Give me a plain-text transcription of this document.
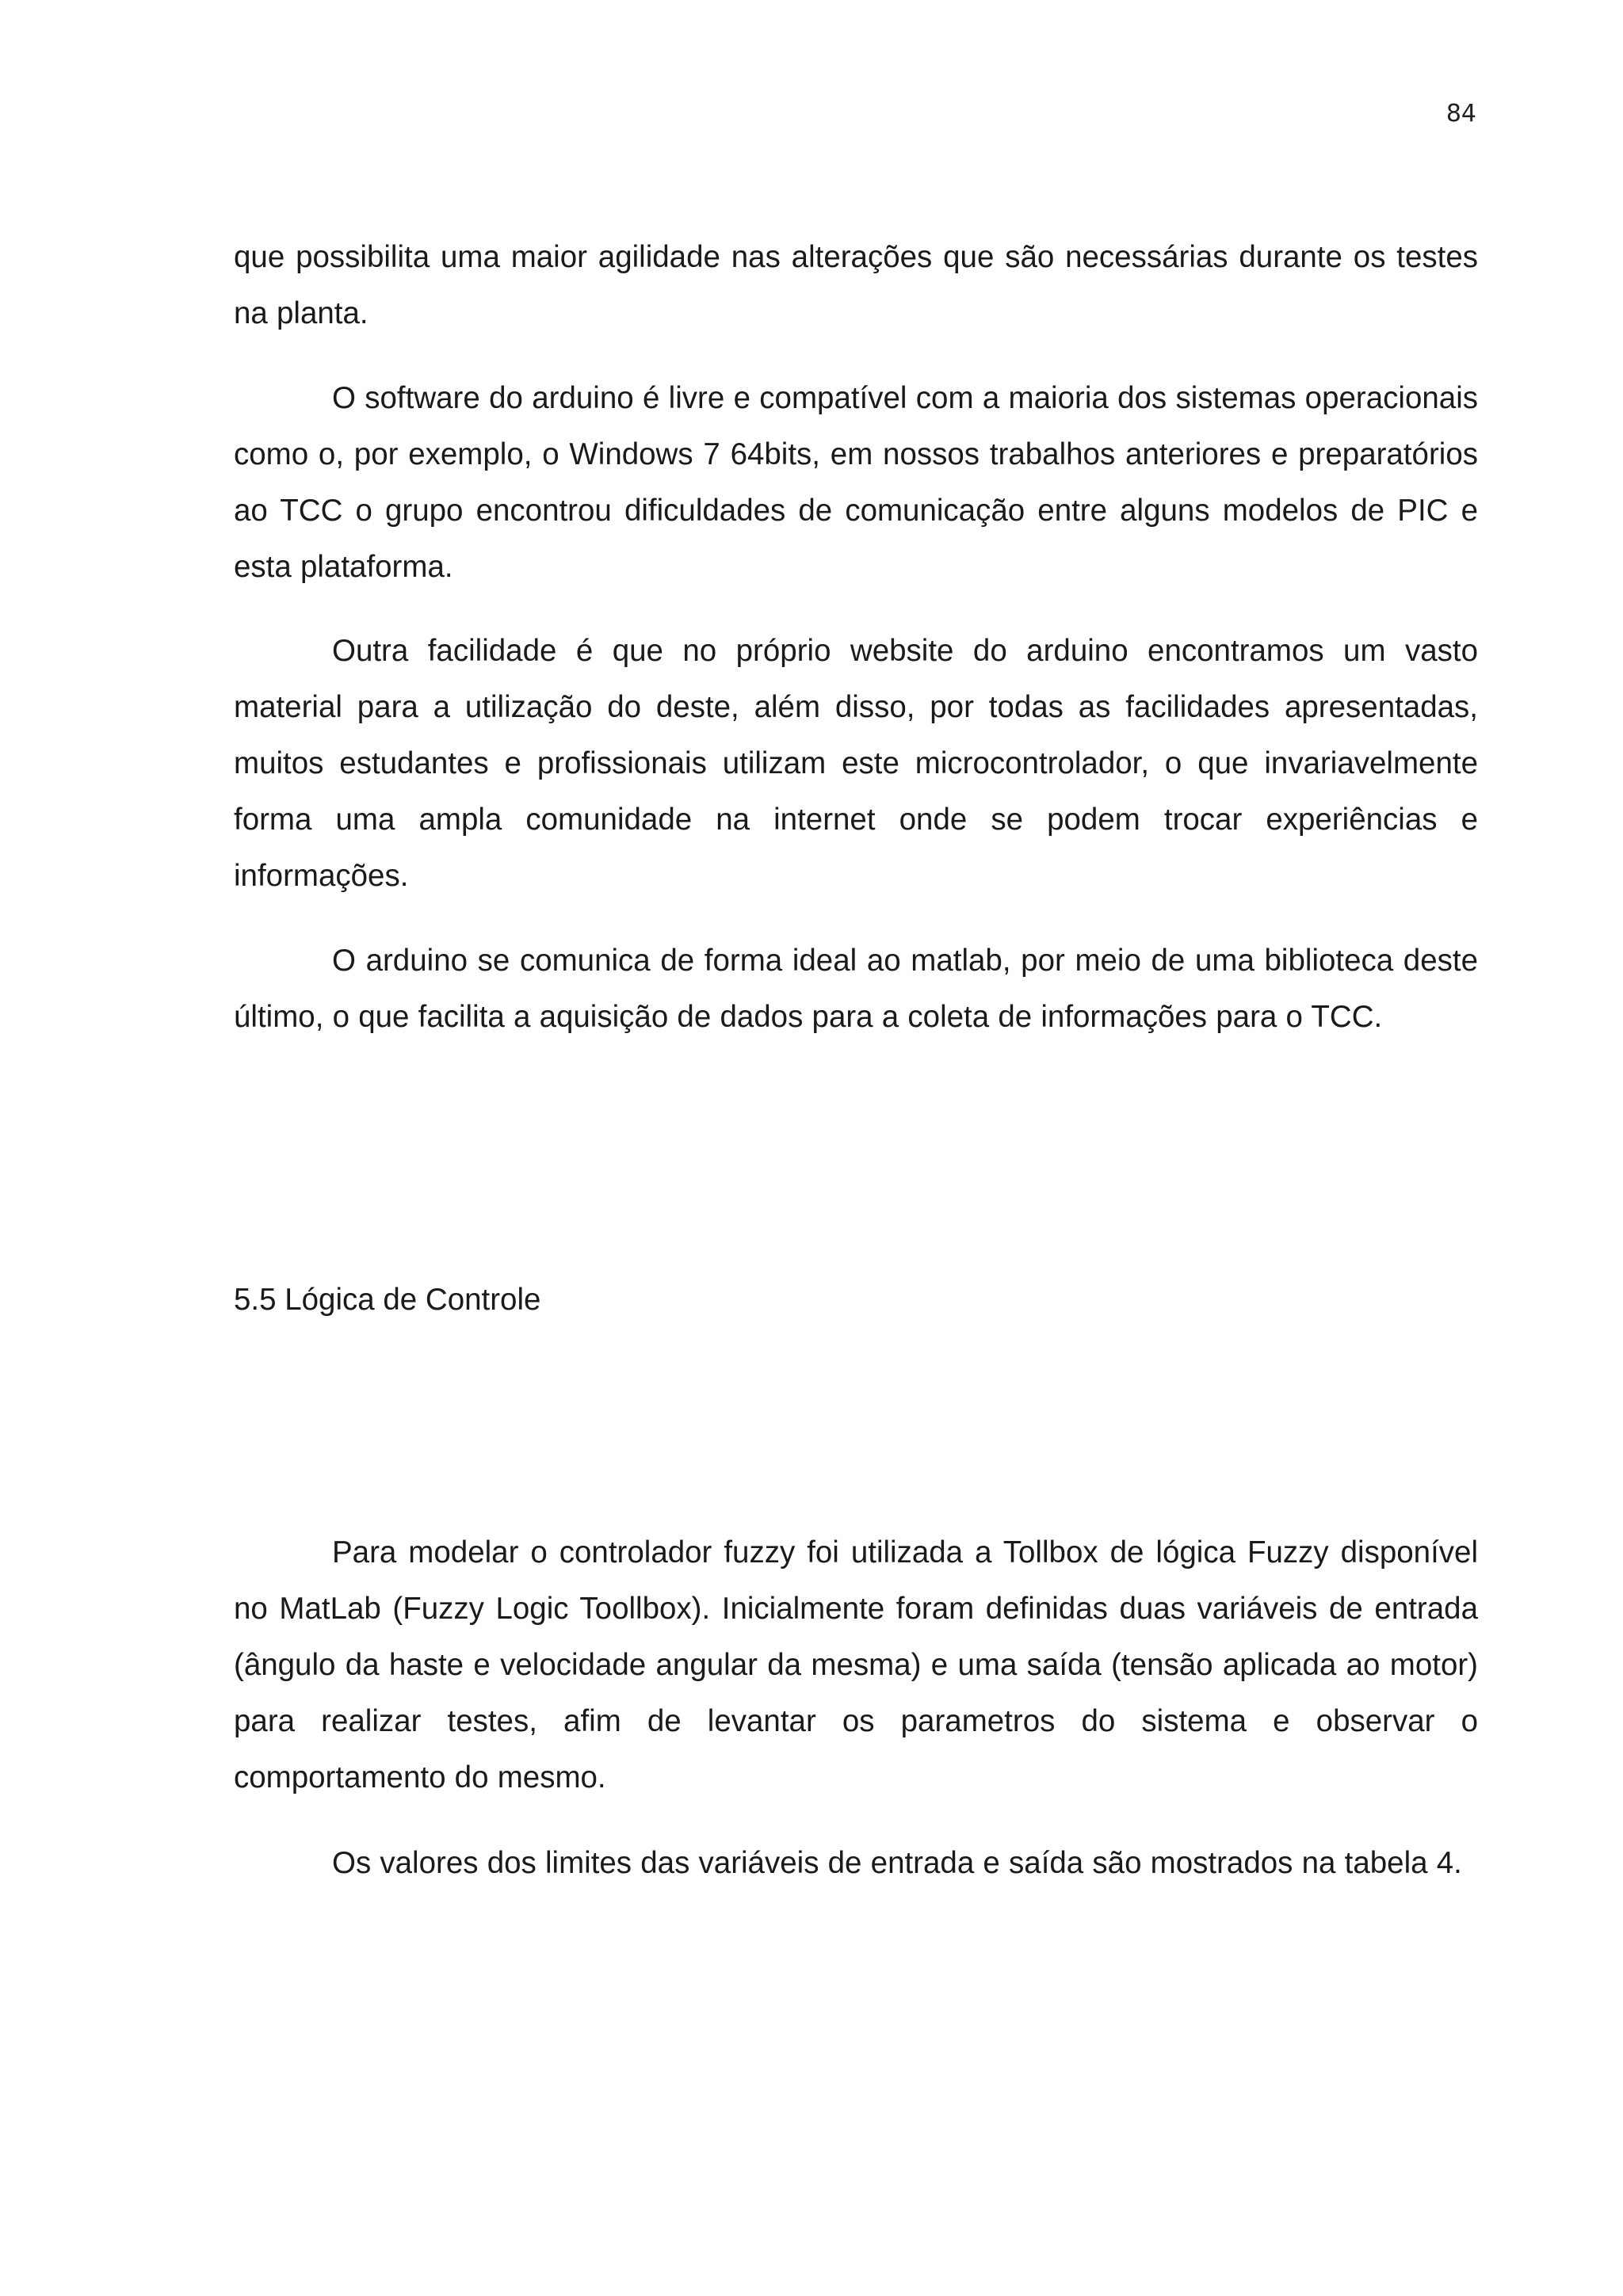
84

que possibilita uma maior agilidade nas alterações que são necessárias durante os testes na planta.

O software do arduino é livre e compatível com a maioria dos sistemas operacionais como o, por exemplo, o Windows 7 64bits, em nossos trabalhos anteriores e preparatórios ao TCC o grupo encontrou dificuldades de comunicação entre alguns modelos de PIC e esta plataforma.

Outra facilidade é que no próprio website do arduino encontramos um vasto material para a utilização do deste, além disso, por todas as facilidades apresentadas, muitos estudantes e profissionais utilizam este microcontrolador, o que invariavelmente forma uma ampla comunidade na internet onde se podem trocar experiências e informações.

O arduino se comunica de forma ideal ao matlab, por meio de uma biblioteca deste último, o que facilita a aquisição de dados para a coleta de informações para o TCC.

5.5 Lógica de Controle

Para modelar o controlador fuzzy foi utilizada a Tollbox de lógica Fuzzy disponível no MatLab (Fuzzy Logic Toollbox). Inicialmente foram definidas duas variáveis de entrada (ângulo da haste e velocidade angular da mesma) e uma saída (tensão aplicada ao motor) para realizar testes, afim de levantar os parametros do sistema e observar o comportamento do mesmo.

Os valores dos limites das variáveis de entrada e saída são mostrados na tabela 4.
